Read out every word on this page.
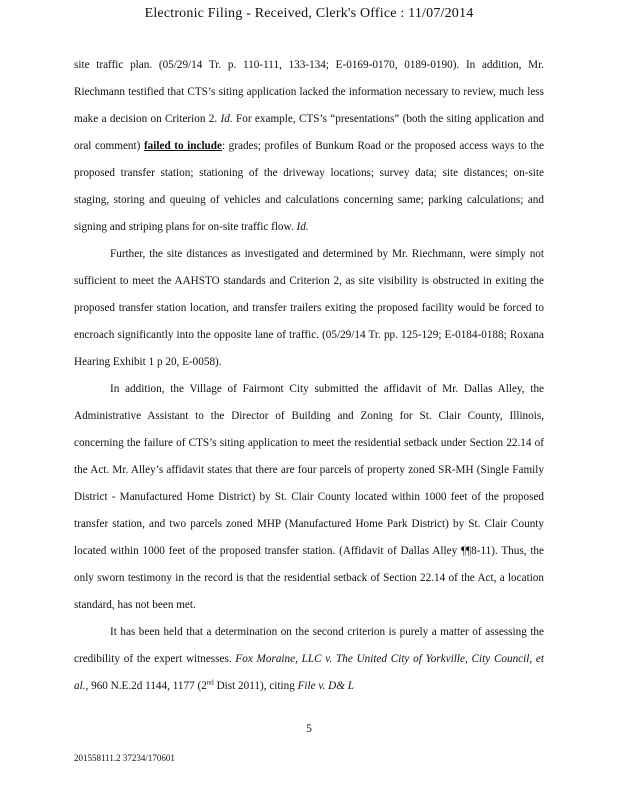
Electronic Filing - Received, Clerk's Office : 11/07/2014

site traffic plan. (05/29/14 Tr. p. 110-111, 133-134; E-0169-0170, 0189-0190). In addition, Mr. Riechmann testified that CTS’s siting application lacked the information necessary to review, much less make a decision on Criterion 2. Id. For example, CTS’s “presentations” (both the siting application and oral comment) failed to include: grades; profiles of Bunkum Road or the proposed access ways to the proposed transfer station; stationing of the driveway locations; survey data; site distances; on-site staging, storing and queuing of vehicles and calculations concerning same; parking calculations; and signing and striping plans for on-site traffic flow. Id.

Further, the site distances as investigated and determined by Mr. Riechmann, were simply not sufficient to meet the AAHSTO standards and Criterion 2, as site visibility is obstructed in exiting the proposed transfer station location, and transfer trailers exiting the proposed facility would be forced to encroach significantly into the opposite lane of traffic. (05/29/14 Tr. pp. 125-129; E-0184-0188; Roxana Hearing Exhibit 1 p 20, E-0058).

In addition, the Village of Fairmont City submitted the affidavit of Mr. Dallas Alley, the Administrative Assistant to the Director of Building and Zoning for St. Clair County, Illinois, concerning the failure of CTS’s siting application to meet the residential setback under Section 22.14 of the Act. Mr. Alley’s affidavit states that there are four parcels of property zoned SR-MH (Single Family District - Manufactured Home District) by St. Clair County located within 1000 feet of the proposed transfer station, and two parcels zoned MHP (Manufactured Home Park District) by St. Clair County located within 1000 feet of the proposed transfer station. (Affidavit of Dallas Alley ¶¶8-11). Thus, the only sworn testimony in the record is that the residential setback of Section 22.14 of the Act, a location standard, has not been met.

It has been held that a determination on the second criterion is purely a matter of assessing the credibility of the expert witnesses. Fox Moraine, LLC v. The United City of Yorkville, City Council, et al., 960 N.E.2d 1144, 1177 (2nd Dist 2011), citing File v. D& L

5
201558111.2 37234/170601
